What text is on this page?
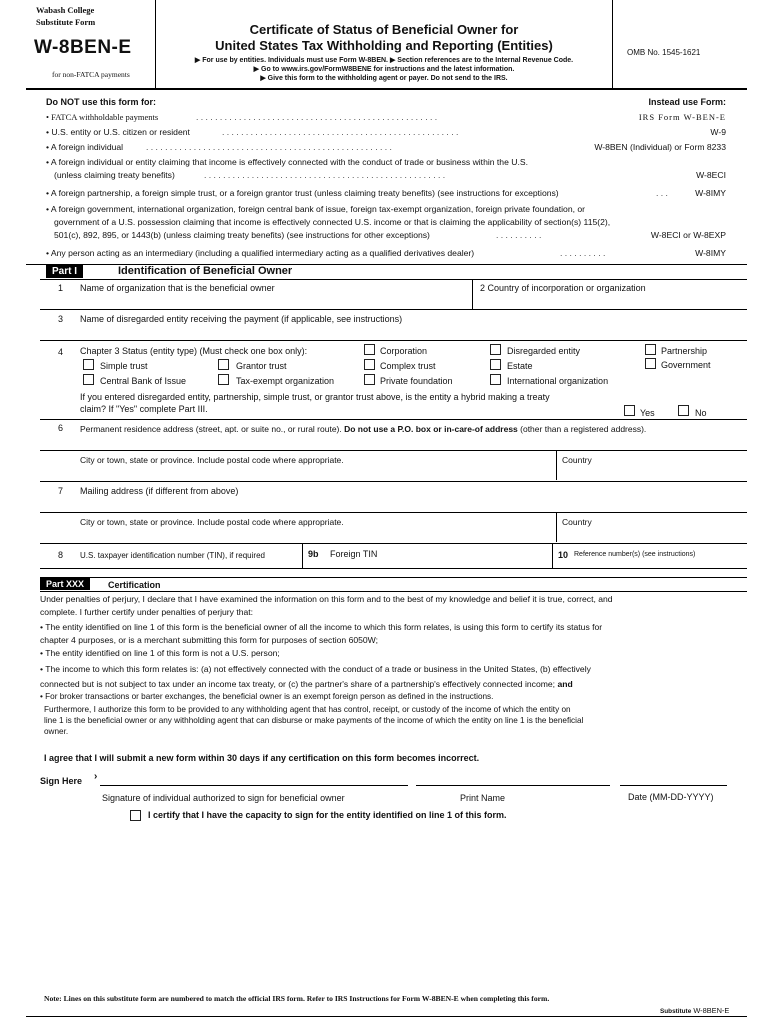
Wabash College
Substitute Form
W-8BEN-E
for non-FATCA payments
Certificate of Status of Beneficial Owner for
United States Tax Withholding and Reporting (Entities)
▶ For use by entities. Individuals must use Form W-8BEN. ▶ Section references are to the Internal Revenue Code.
▶ Go to www.irs.gov/FormW8BENE for instructions and the latest information.
▶ Give this form to the withholding agent or payer. Do not send to the IRS.
OMB No. 1545-1621
Do NOT use this form for:	Instead use Form:
• FATCA withholdable payments	. . . . . . . . . . . . . . . . . . . . . . . . . . . . . . . . . . . . . . . . . . . . . . . . . . .	IRS Form W-BEN-E
• U.S. entity or U.S. citizen or resident	. . . . . . . . . . . . . . . . . . . . . . . . . . . . . . . . . . . . . . . . . . . . . . . . . .	W-9
• A foreign individual	. . . . . . . . . . . . . . . . . . . . . . . . . . . . . . . . . . . . . . . . . . . . . . . . . . . .	W-8BEN (Individual) or Form 8233
• A foreign individual or entity claiming that income is effectively connected with the conduct of trade or business within the U.S.
(unless claiming treaty benefits)	. . . . . . . . . . . . . . . . . . . . . . . . . . . . . . . . . . . . . . . . . . . . . . . . . . .	W-8ECI
• A foreign partnership, a foreign simple trust, or a foreign grantor trust (unless claiming treaty benefits) (see instructions for exceptions)	. . .	W-8IMY
• A foreign government, international organization, foreign central bank of issue, foreign tax-exempt organization, foreign private foundation, or
government of a U.S. possession claiming that income is effectively connected U.S. income or that is claiming the applicability of section(s) 115(2),
501(c), 892, 895, or 1443(b) (unless claiming treaty benefits) (see instructions for other exceptions)	. . . . . . . . . .	W-8ECI or W-8EXP
• Any person acting as an intermediary (including a qualified intermediary acting as a qualified derivatives dealer)	. . . . . . . . . .	W-8IMY
Part I	Identification of Beneficial Owner
1 Name of organization that is the beneficial owner	2 Country of incorporation or organization
3 Name of disregarded entity receiving the payment (if applicable, see instructions)
4 Chapter 3 Status (entity type) (Must check one box only):	Corporation	Disregarded entity	Partnership
Simple trust	Grantor trust	Complex trust	Estate	Government
Central Bank of Issue	Tax-exempt organization	Private foundation	International organization
If you entered disregarded entity, partnership, simple trust, or grantor trust above, is the entity a hybrid making a treaty
claim? If "Yes" complete Part III.	Yes	No
6 Permanent residence address (street, apt. or suite no., or rural route). Do not use a P.O. box or in-care-of address (other than a registered address).
City or town, state or province. Include postal code where appropriate.	Country
7 Mailing address (if different from above)
City or town, state or province. Include postal code where appropriate.	Country
8 U.S. taxpayer identification number (TIN), if required	9b Foreign TIN	10 Reference number(s) (see instructions)
Part XXX	Certification
Under penalties of perjury, I declare that I have examined the information on this form and to the best of my knowledge and belief it is true, correct, and
complete. I further certify under penalties of perjury that:
• The entity identified on line 1 of this form is the beneficial owner of all the income to which this form relates, is using this form to certify its status for
chapter 4 purposes, or is a merchant submitting this form for purposes of section 6050W;
• The entity identified on line 1 of this form is not a U.S. person;
• The income to which this form relates is: (a) not effectively connected with the conduct of a trade or business in the United States, (b) effectively
connected but is not subject to tax under an income tax treaty, or (c) the partner's share of a partnership's effectively connected income; and
• For broker transactions or barter exchanges, the beneficial owner is an exempt foreign person as defined in the instructions.
Furthermore, I authorize this form to be provided to any withholding agent that has control, receipt, or custody of the income of which the entity on
line 1 is the beneficial owner or any withholding agent that can disburse or make payments of the income of which the entity on line 1 is the beneficial
owner.
I agree that I will submit a new form within 30 days if any certification on this form becomes incorrect.
Sign Here ›
Signature of individual authorized to sign for beneficial owner	Print Name	Date (MM-DD-YYYY)
I certify that I have the capacity to sign for the entity identified on line 1 of this form.
Note: Lines on this substitute form are numbered to match the official IRS form. Refer to IRS Instructions for Form W-8BEN-E when completing this form.
Substitute W-8BEN-E
